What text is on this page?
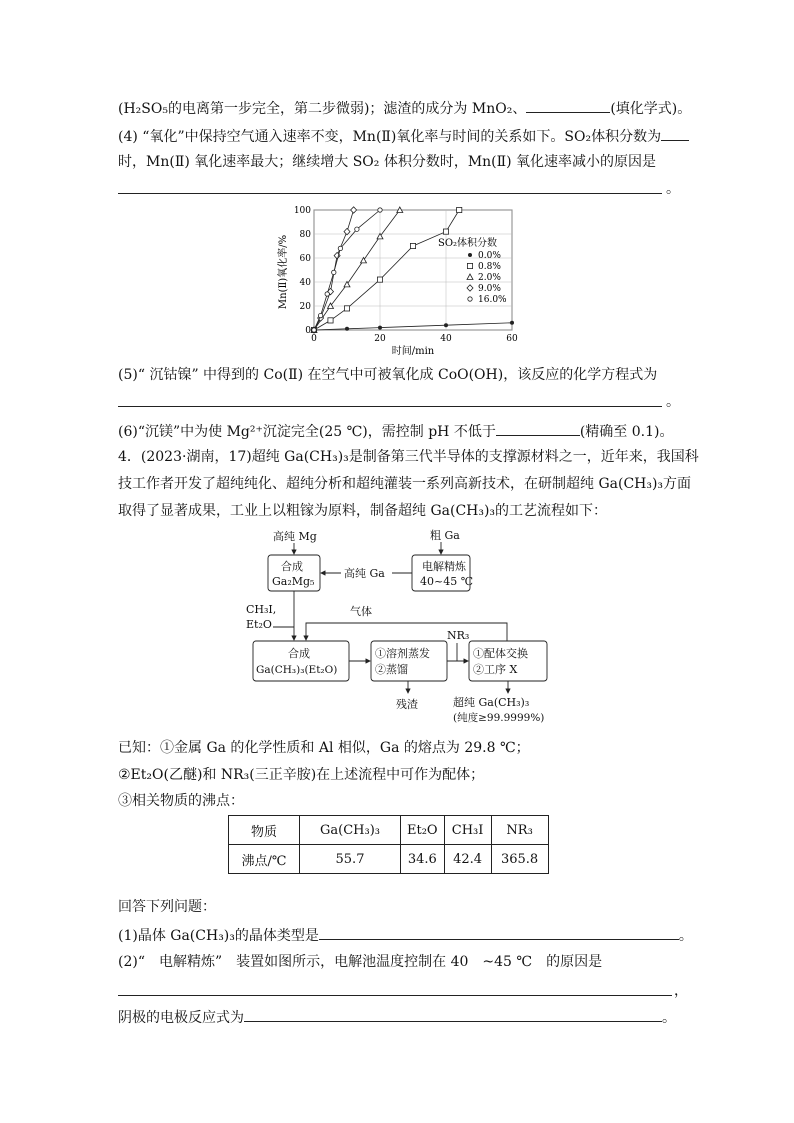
(H₂SO₅的电离第一步完全，第二步微弱)；滤渣的成分为 MnO₂、	(填化学式)。
(4) “氧化”中保持空气通入速率不变，Mn(Ⅱ)氧化率与时间的关系如下。SO₂体积分数为
时，Mn(Ⅱ) 氧化速率最大；继续增大 SO₂ 体积分数时，Mn(Ⅱ) 氧化速率减小的原因是
。
0	20	40	60
0
20
40
60
80
100
Mn(Ⅱ)氧化率/%
时间/min
SO₂体积分数
0.0%
0.8%
2.0%
9.0%
16.0%
(5)“ 沉钴镍” 中得到的 Co(Ⅱ) 在空气中可被氧化成 CoO(OH)，该反应的化学方程式为
。
(6)“沉镁”中为使 Mg²⁺沉淀完全(25 ℃)，需控制 pH 不低于	(精确至 0.1)。
4．(2023·湖南，17)超纯 Ga(CH₃)₃是制备第三代半导体的支撑源材料之一，近年来，我国科
技工作者开发了超纯纯化、超纯分析和超纯灌装一系列高新技术，在研制超纯 Ga(CH₃)₃方面
取得了显著成果，工业上以粗镓为原料，制备超纯 Ga(CH₃)₃的工艺流程如下：
粗 Ga
电解精炼
40~45 ℃
高纯 Mg
高纯 Ga
合成
Ga₂Mg₅
CH₃I,
Et₂O
气体
合成
Ga(CH₃)₃(Et₂O)
①溶剂蒸发
②蒸馏
NR₃
①配体交换
②工序 X
残渣	超纯 Ga(CH₃)₃
(纯度≥99.9999%)
已知：①金属 Ga 的化学性质和 Al 相似，Ga 的熔点为 29.8 ℃；
②Et₂O(乙醚)和 NR₃(三正辛胺)在上述流程中可作为配体；
③相关物质的沸点：
物质	Ga(CH₃)₃	Et₂O	CH₃I	NR₃
沸点/℃	55.7	34.6	42.4	365.8
回答下列问题：
(1)晶体 Ga(CH₃)₃的晶体类型是	。
(2)“　电解精炼”　装置如图所示，电解池温度控制在 40　~45 ℃　的原因是
，
阴极的电极反应式为	。
